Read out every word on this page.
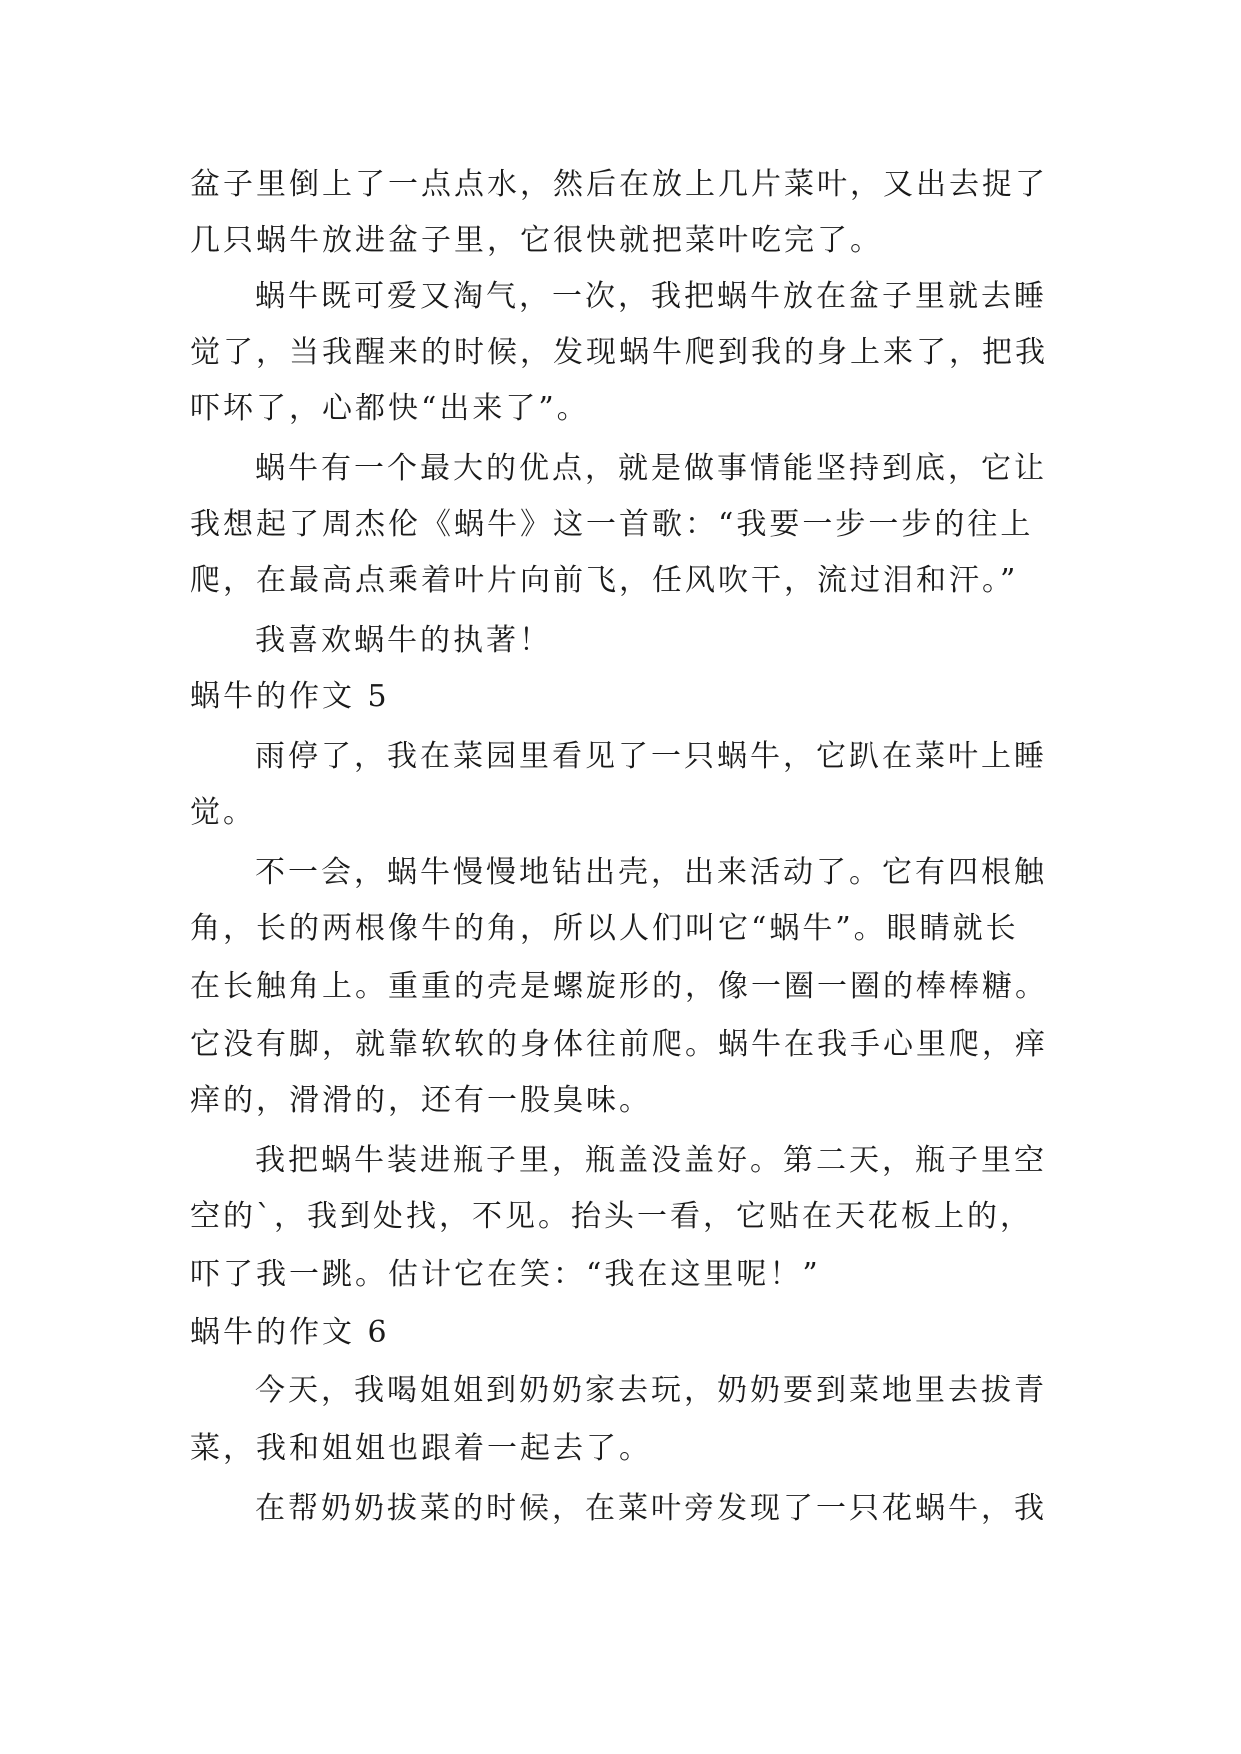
盆子里倒上了一点点水，然后在放上几片菜叶，又出去捉了

几只蜗牛放进盆子里，它很快就把菜叶吃完了。

蜗牛既可爱又淘气，一次，我把蜗牛放在盆子里就去睡

觉了，当我醒来的时候，发现蜗牛爬到我的身上来了，把我

吓坏了，心都快“出来了”。

蜗牛有一个最大的优点，就是做事情能坚持到底，它让

我想起了周杰伦《蜗牛》这一首歌：“我要一步一步的往上

爬，在最高点乘着叶片向前飞，任风吹干，流过泪和汗。”

我喜欢蜗牛的执著！

蜗牛的作文 5

雨停了，我在菜园里看见了一只蜗牛，它趴在菜叶上睡

觉。

不一会，蜗牛慢慢地钻出壳，出来活动了。它有四根触

角，长的两根像牛的角，所以人们叫它“蜗牛”。眼睛就长

在长触角上。重重的壳是螺旋形的，像一圈一圈的棒棒糖。

它没有脚，就靠软软的身体往前爬。蜗牛在我手心里爬，痒

痒的，滑滑的，还有一股臭味。

我把蜗牛装进瓶子里，瓶盖没盖好。第二天，瓶子里空

空的`，我到处找，不见。抬头一看，它贴在天花板上的，

吓了我一跳。估计它在笑：“我在这里呢！”

蜗牛的作文 6

今天，我喝姐姐到奶奶家去玩，奶奶要到菜地里去拔青

菜，我和姐姐也跟着一起去了。

在帮奶奶拔菜的时候，在菜叶旁发现了一只花蜗牛，我
